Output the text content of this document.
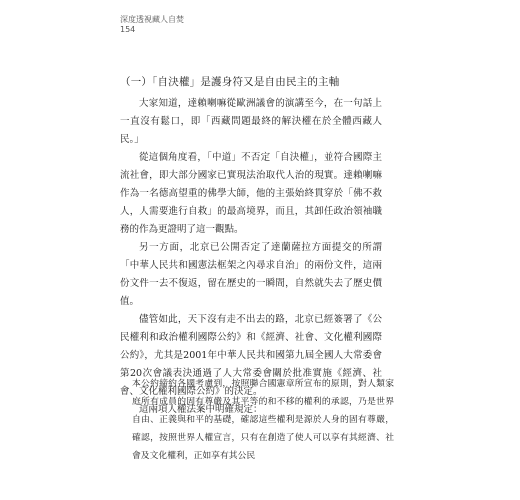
深度透視藏人自焚
154
（一）「自決權」是護身符又是自由民主的主軸

大家知道，達賴喇嘛從歐洲議會的演講至今，在一句話上一直沒有鬆口，即「西藏問題最終的解決權在於全體西藏人民。」

從這個角度看，「中道」不否定「自決權」，並符合國際主流社會，即大部分國家已實現法治取代人治的現實。達賴喇嘛作為一名德高望重的佛學大師，他的主張始終貫穿於「佛不救人，人需要進行自救」的最高境界，而且，其卸任政治領袖職務的作為更證明了這一觀點。

另一方面，北京已公開否定了達蘭薩拉方面提交的所謂「中華人民共和國憲法框架之內尋求自治」的兩份文件，這兩份文件一去不復返，留在歷史的一瞬間，自然就失去了歷史價值。

儘管如此，天下沒有走不出去的路，北京已經簽署了《公民權利和政治權利國際公約》和《經濟、社會、文化權利國際公約》，尤其是2001年中華人民共和國第九屆全國人大常委會第20次會議表決通過了人大常委會關於批准實施《經濟、社會、文化權利國際公約》的決定。

這兩項人權法案中明確規定：

本公約締約各國考慮到，按照聯合國憲章所宣布的原則，對人類家庭所有成員的固有尊嚴及其平等的和不移的權利的承認，乃是世界自由、正義與和平的基礎，確認這些權利是源於人身的固有尊嚴，確認，按照世界人權宣言，只有在創造了使人可以享有其經濟、社會及文化權利，正如享有其公民
